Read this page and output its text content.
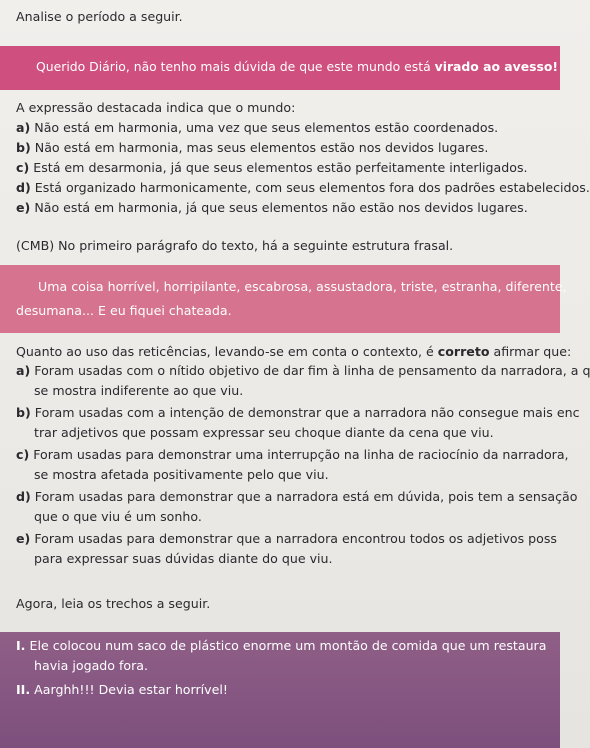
Analise o período a seguir.
Querido Diário, não tenho mais dúvida de que este mundo está virado ao avesso!
A expressão destacada indica que o mundo:
a) Não está em harmonia, uma vez que seus elementos estão coordenados.
b) Não está em harmonia, mas seus elementos estão nos devidos lugares.
c) Está em desarmonia, já que seus elementos estão perfeitamente interligados.
d) Está organizado harmonicamente, com seus elementos fora dos padrões estabelecidos.
e) Não está em harmonia, já que seus elementos não estão nos devidos lugares.
(CMB) No primeiro parágrafo do texto, há a seguinte estrutura frasal.
Uma coisa horrível, horripilante, escabrosa, assustadora, triste, estranha, diferente,
desumana... E eu fiquei chateada.
Quanto ao uso das reticências, levando-se em conta o contexto, é correto afirmar que:
a) Foram usadas com o nítido objetivo de dar fim à linha de pensamento da narradora, a q
se mostra indiferente ao que viu.
b) Foram usadas com a intenção de demonstrar que a narradora não consegue mais enc
trar adjetivos que possam expressar seu choque diante da cena que viu.
c) Foram usadas para demonstrar uma interrupção na linha de raciocínio da narradora,
se mostra afetada positivamente pelo que viu.
d) Foram usadas para demonstrar que a narradora está em dúvida, pois tem a sensação
que o que viu é um sonho.
e) Foram usadas para demonstrar que a narradora encontrou todos os adjetivos poss
para expressar suas dúvidas diante do que viu.
Agora, leia os trechos a seguir.
I. Ele colocou num saco de plástico enorme um montão de comida que um restaura
havia jogado fora.
II. Aarghh!!! Devia estar horrível!
